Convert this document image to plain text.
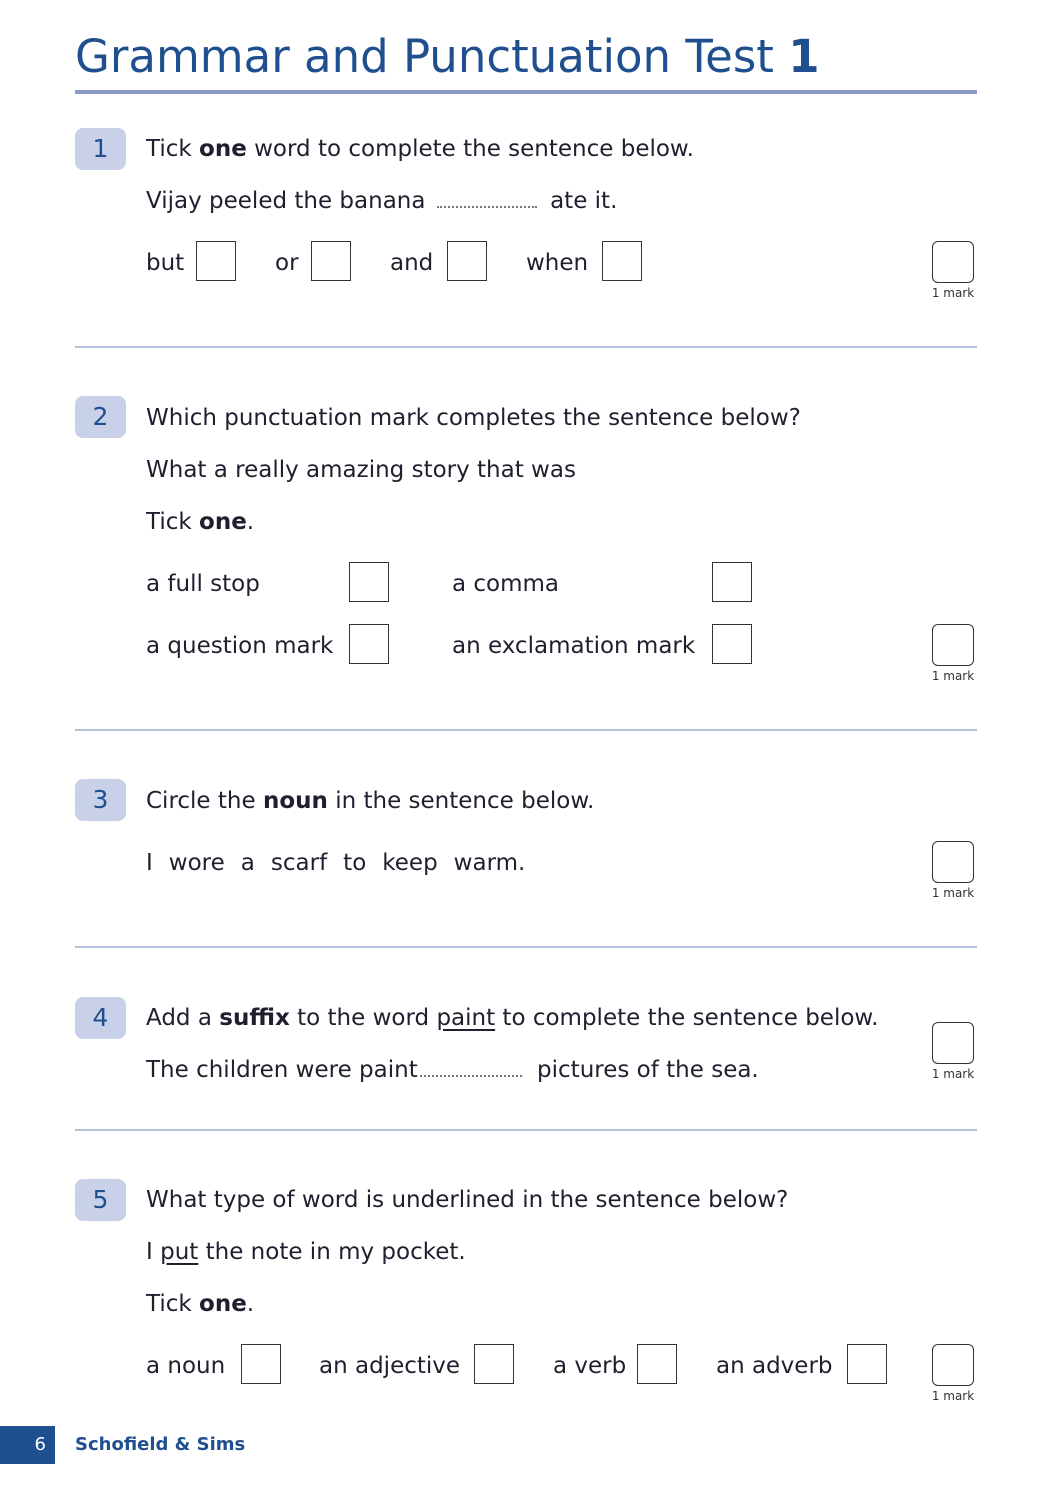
Grammar and Punctuation Test 1
1	Tick one word to complete the sentence below.
Vijay peeled the banana	ate it.
but	or	and	when
1 mark
2	Which punctuation mark completes the sentence below?
What a really amazing story that was
Tick one.
a full stop	a comma
a question mark	an exclamation mark
1 mark
3	Circle the noun in the sentence below.
I wore a scarf to keep warm.
1 mark
4	Add a suffix to the word paint to complete the sentence below.
The children were paint	pictures of the sea.	1 mark
5	What type of word is underlined in the sentence below?
I put the note in my pocket.
Tick one.
a noun	an adjective	a verb	an adverb
1 mark
6	Schofield & Sims
